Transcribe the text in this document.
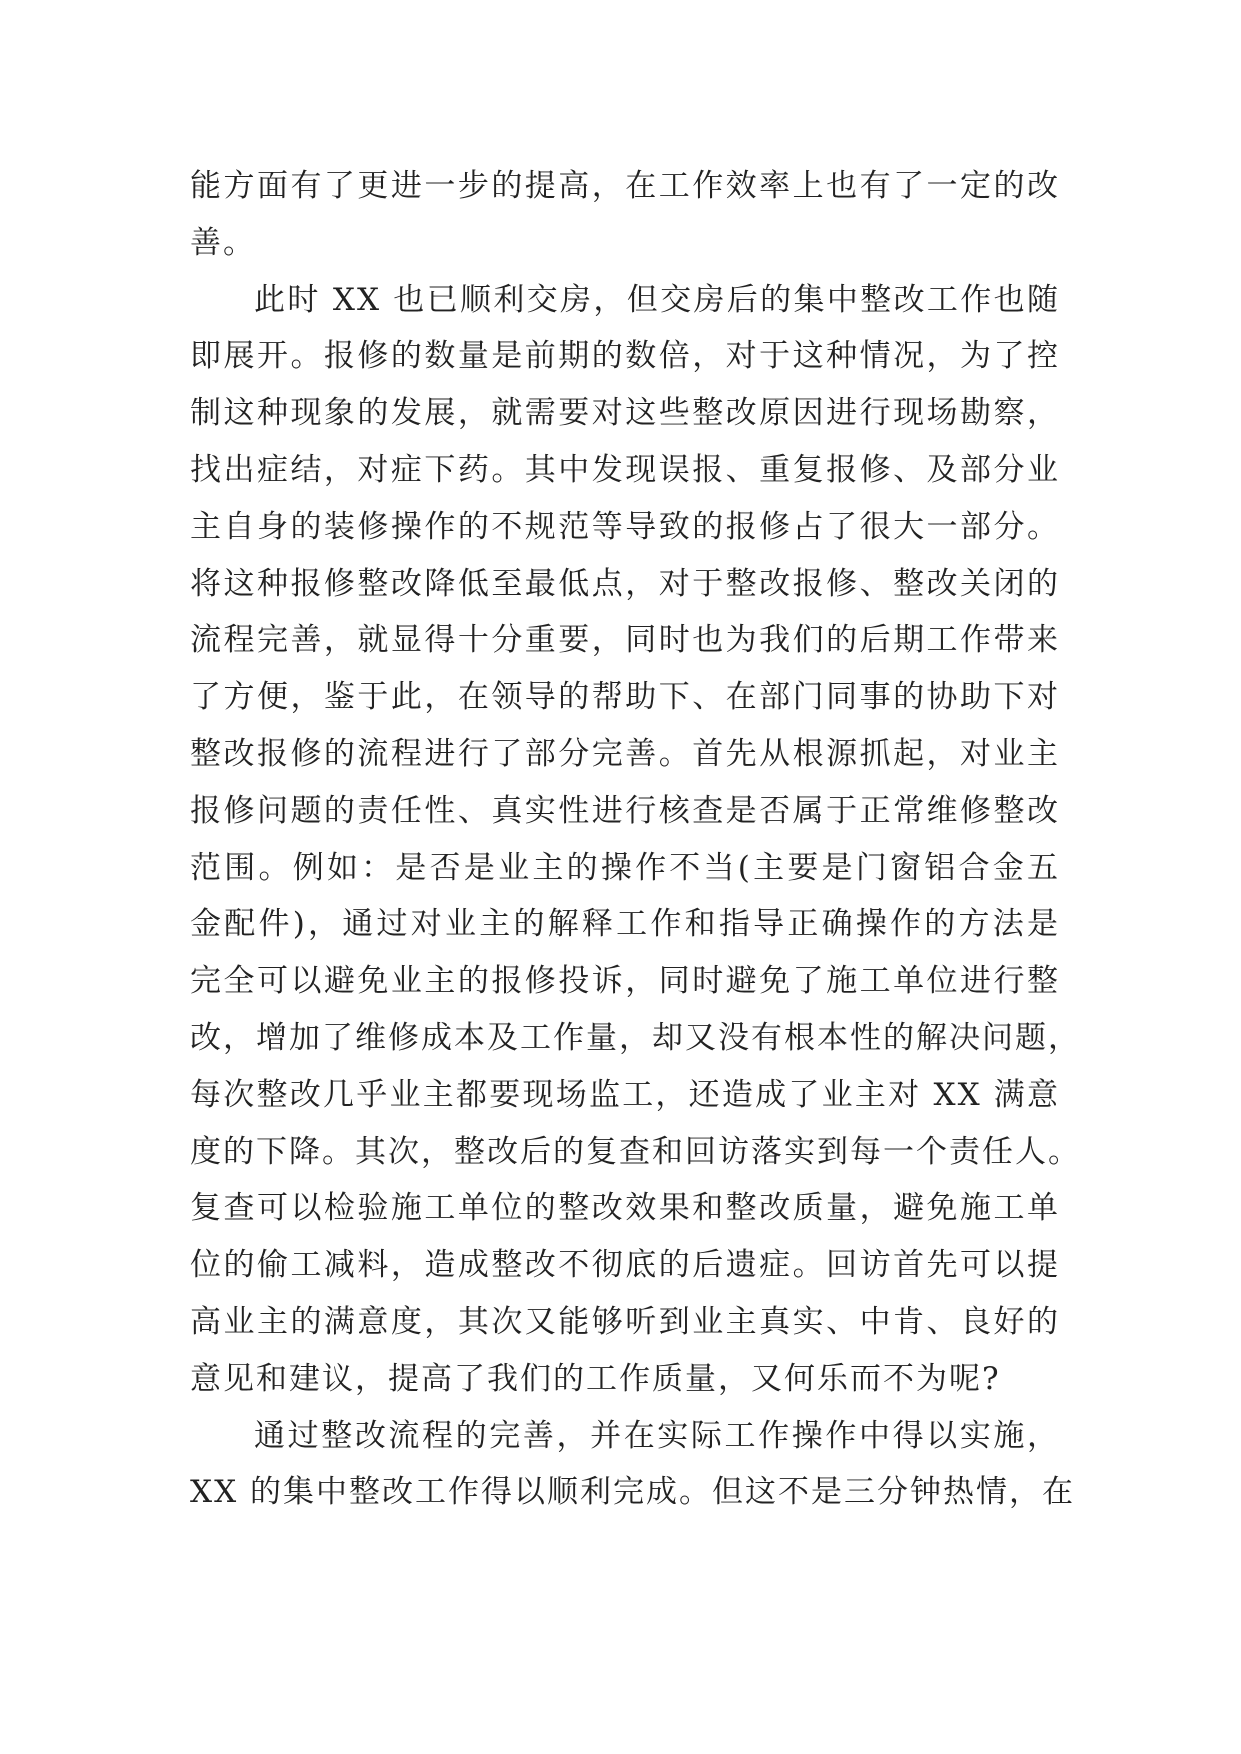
能方面有了更进一步的提高，在工作效率上也有了一定的改
善。
此时 XX 也已顺利交房，但交房后的集中整改工作也随
即展开。报修的数量是前期的数倍，对于这种情况，为了控
制这种现象的发展，就需要对这些整改原因进行现场勘察，
找出症结，对症下药。其中发现误报、重复报修、及部分业
主自身的装修操作的不规范等导致的报修占了很大一部分。
将这种报修整改降低至最低点，对于整改报修、整改关闭的
流程完善，就显得十分重要，同时也为我们的后期工作带来
了方便，鉴于此，在领导的帮助下、在部门同事的协助下对
整改报修的流程进行了部分完善。首先从根源抓起，对业主
报修问题的责任性、真实性进行核查是否属于正常维修整改
范围。例如：是否是业主的操作不当(主要是门窗铝合金五
金配件)，通过对业主的解释工作和指导正确操作的方法是
完全可以避免业主的报修投诉，同时避免了施工单位进行整
改，增加了维修成本及工作量，却又没有根本性的解决问题，
每次整改几乎业主都要现场监工，还造成了业主对 XX 满意
度的下降。其次，整改后的复查和回访落实到每一个责任人。
复查可以检验施工单位的整改效果和整改质量，避免施工单
位的偷工减料，造成整改不彻底的后遗症。回访首先可以提
高业主的满意度，其次又能够听到业主真实、中肯、良好的
意见和建议，提高了我们的工作质量，又何乐而不为呢?
通过整改流程的完善，并在实际工作操作中得以实施，
XX 的集中整改工作得以顺利完成。但这不是三分钟热情，在
